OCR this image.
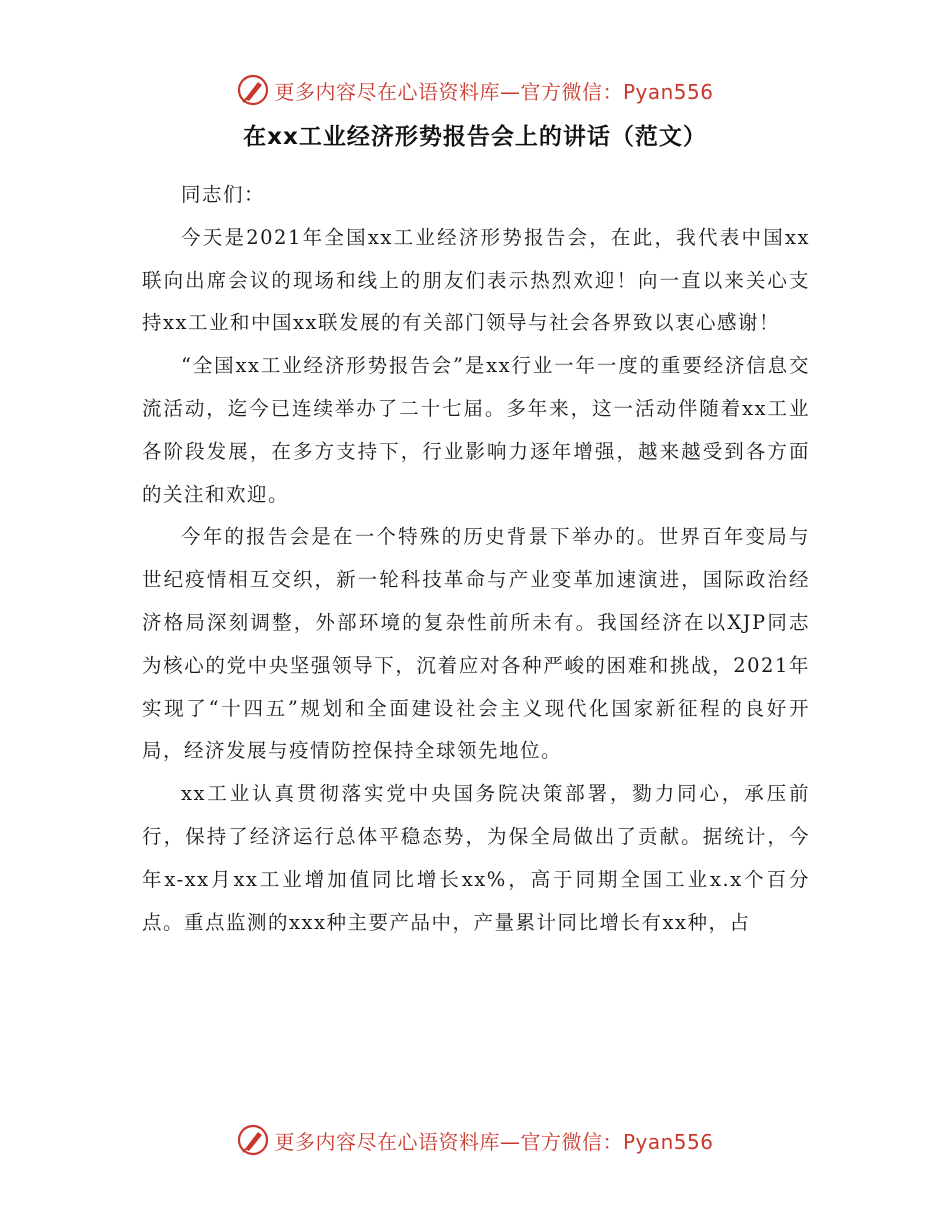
更多内容尽在心语资料库—官方微信：Pyan556
在xx工业经济形势报告会上的讲话（范文）

同志们：

今天是2021年全国xx工业经济形势报告会，在此，我代表中国xx联向出席会议的现场和线上的朋友们表示热烈欢迎！向一直以来关心支持xx工业和中国xx联发展的有关部门领导与社会各界致以衷心感谢！

“全国xx工业经济形势报告会”是xx行业一年一度的重要经济信息交流活动，迄今已连续举办了二十七届。多年来，这一活动伴随着xx工业各阶段发展，在多方支持下，行业影响力逐年增强，越来越受到各方面的关注和欢迎。

今年的报告会是在一个特殊的历史背景下举办的。世界百年变局与世纪疫情相互交织，新一轮科技革命与产业变革加速演进，国际政治经济格局深刻调整，外部环境的复杂性前所未有。我国经济在以XJP同志为核心的党中央坚强领导下，沉着应对各种严峻的困难和挑战，2021年实现了“十四五”规划和全面建设社会主义现代化国家新征程的良好开局，经济发展与疫情防控保持全球领先地位。

xx工业认真贯彻落实党中央国务院决策部署，勠力同心，承压前行，保持了经济运行总体平稳态势，为保全局做出了贡献。据统计，今年x-xx月xx工业增加值同比增长xx%，高于同期全国工业x.x个百分点。重点监测的xxx种主要产品中，产量累计同比增长有xx种，占

更多内容尽在心语资料库—官方微信：Pyan556
